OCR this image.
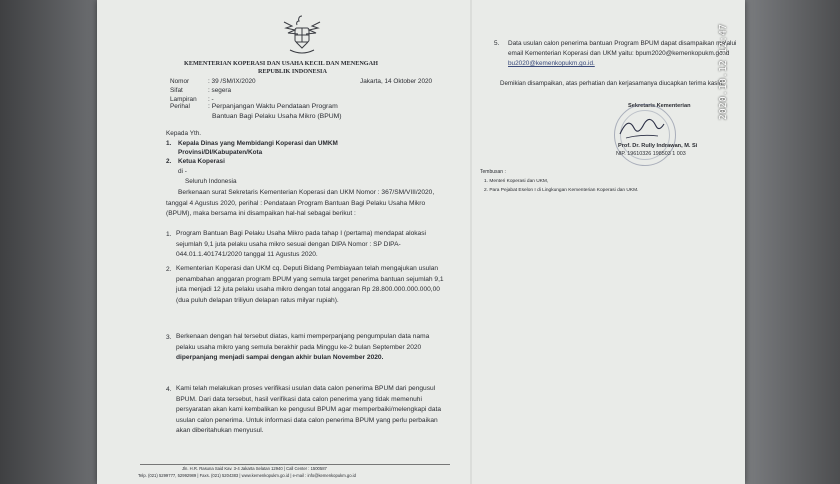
KEMENTERIAN KOPERASI DAN USAHA KECIL DAN MENENGAH
REPUBLIK INDONESIA
Nomor	: 39 /SM/IX/2020	Jakarta, 14 Oktober 2020
Sifat	: segera
Lampiran : -
Perihal	: Perpanjangan Waktu Pendataan Program
Bantuan Bagi Pelaku Usaha Mikro (BPUM)
Kepada Yth.
1. Kepala Dinas yang Membidangi Koperasi dan UMKM
Provinsi/DI/Kabupaten/Kota
2. Ketua Koperasi
di -
Seluruh Indonesia
Berkenaan surat Sekretaris Kementerian Koperasi dan UKM Nomor : 367/SM/VIII/2020, tanggal 4 Agustus 2020, perihal : Pendataan Program Bantuan Bagi Pelaku Usaha Mikro (BPUM), maka bersama ini disampaikan hal-hal sebagai berikut :
1. Program Bantuan Bagi Pelaku Usaha Mikro pada tahap I (pertama) mendapat alokasi sejumlah 9,1 juta pelaku usaha mikro sesuai dengan DIPA Nomor : SP DIPA-044.01.1.401741/2020 tanggal 11 Agustus 2020.
2. Kementerian Koperasi dan UKM cq. Deputi Bidang Pembiayaan telah mengajukan usulan penambahan anggaran program BPUM yang semula target penerima bantuan sejumlah 9,1 juta menjadi 12 juta pelaku usaha mikro dengan total anggaran Rp 28.800.000.000.000,00 (dua puluh delapan triliyun delapan ratus milyar rupiah).
3. Berkenaan dengan hal tersebut diatas, kami memperpanjang pengumpulan data nama pelaku usaha mikro yang semula berakhir pada Minggu ke-2 bulan September 2020 diperpanjang menjadi sampai dengan akhir bulan November 2020.
4. Kami telah melakukan proses verifikasi usulan data calon penerima BPUM dari pengusul BPUM. Dari data tersebut, hasil verifikasi data calon penerima yang tidak memenuhi persyaratan akan kami kembalikan ke pengusul BPUM agar memperbaiki/melengkapi data usulan calon penerima. Untuk informasi data calon penerima BPUM yang perlu perbaikan akan diberitahukan menyusul.
Jln. H.R. Rasuna Said Kav. 3-4 Jakarta Selatan 12940 | Call Center : 1500587
Telp. (021) 5299777, 52992989 | Faxs. (021) 5204383 | www.kemenkopukm.go.id | e-mail : info@kemenkopukm.go.id
5. Data usulan calon penerima bantuan Program BPUM dapat disampaikan melalui
email Kementerian Koperasi dan UKM yaitu: bpum2020@kemenkopukm.go.id
bu2020@kemenkopukm.go.id.
Demikian disampaikan, atas perhatian dan kerjasamanya diucapkan terima kasih.
Sekretaris Kementerian
Prof. Dr. Rully Indrawan, M. Si
NIP. 19610326 198503 1 003
Tembusan :
1. Menteri Koperasi dan UKM,
2. Para Pejabat Eselon I di Lingkungan Kementerian Koperasi dan UKM.
2020.10.12 12:47
